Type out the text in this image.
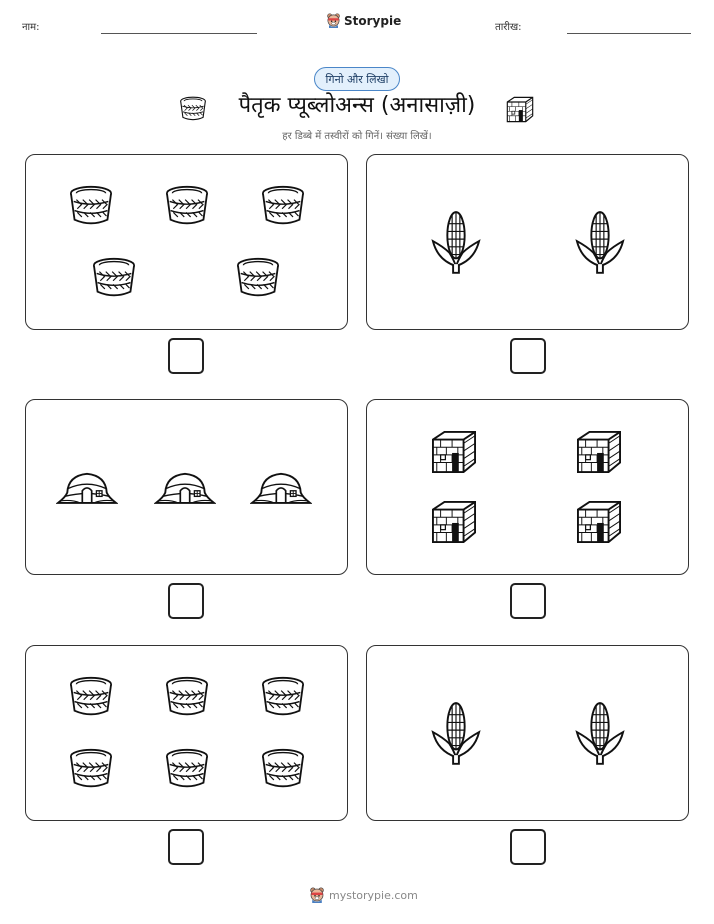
नाम:	Storypie	तारीख:
गिनो और लिखो
पैतृक प्यूब्लोअन्स (अनासाज़ी)
हर डिब्बे में तस्वीरों को गिनें। संख्या लिखें।
mystorypie.com
